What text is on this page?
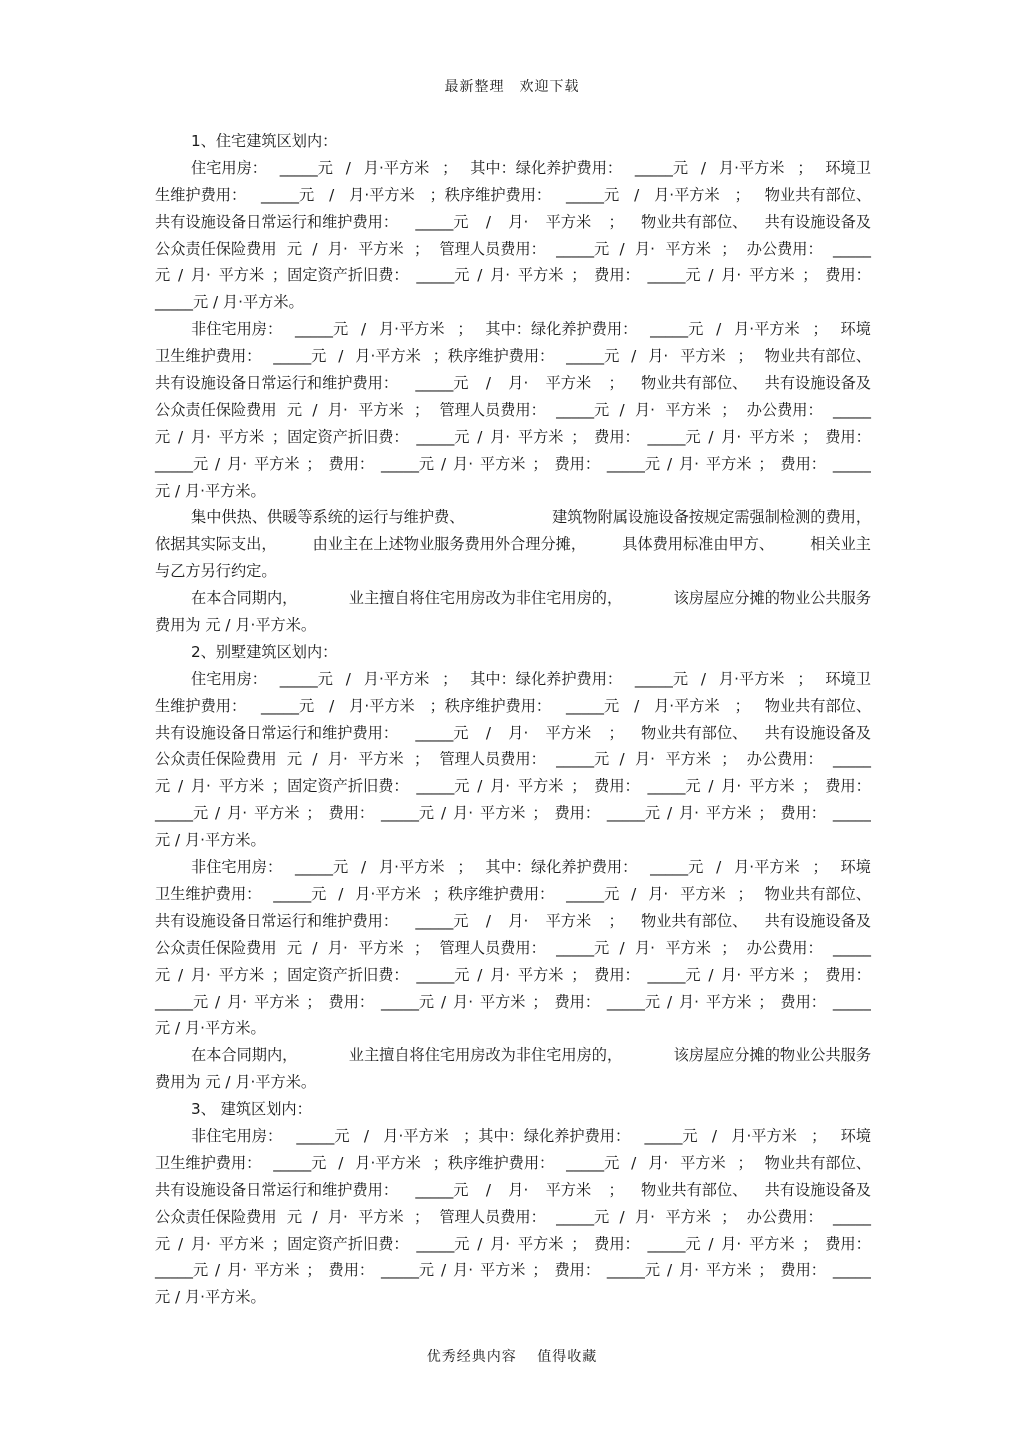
最新整理　欢迎下载
1、住宅建筑区划内：
住宅用房： _____元 / 月·平方米 ； 其中：绿化养护费用： _____元 / 月·平方米 ； 环境卫
生维护费用： _____元 / 月·平方米 ；秩序维护费用： _____元 / 月·平方米 ； 物业共有部位、
共有设施设备日常运行和维护费用： _____元 / 月· 平方米 ； 物业共有部位、 共有设施设备及
公众责任保险费用 元 / 月· 平方米 ； 管理人员费用： _____元 / 月· 平方米 ； 办公费用： _____
元 / 月· 平方米 ；固定资产折旧费： _____元 / 月· 平方米 ； 费用： _____元 / 月· 平方米 ； 费用：
_____元 / 月·平方米。
非住宅用房： _____元 / 月·平方米 ； 其中：绿化养护费用： _____元 / 月·平方米 ； 环境
卫生维护费用： _____元 / 月·平方米 ；秩序维护费用： _____元 / 月· 平方米 ； 物业共有部位、
共有设施设备日常运行和维护费用： _____元 / 月· 平方米 ； 物业共有部位、 共有设施设备及
公众责任保险费用 元 / 月· 平方米 ； 管理人员费用： _____元 / 月· 平方米 ； 办公费用： _____
元 / 月· 平方米 ；固定资产折旧费： _____元 / 月· 平方米 ； 费用： _____元 / 月· 平方米 ； 费用：
_____元 / 月· 平方米 ； 费用： _____元 / 月· 平方米 ； 费用： _____元 / 月· 平方米 ； 费用： _____
元 / 月·平方米。
集中供热、供暖等系统的运行与维护费、	建筑物附属设施设备按规定需强制检测的费用，
依据其实际支出， 由业主在上述物业服务费用外合理分摊， 具体费用标准由甲方、 相关业主
与乙方另行约定。
在本合同期内，	业主擅自将住宅用房改为非住宅用房的，	该房屋应分摊的物业公共服务
费用为 元 / 月·平方米。
2、别墅建筑区划内：
住宅用房： _____元 / 月·平方米 ； 其中：绿化养护费用： _____元 / 月·平方米 ； 环境卫
生维护费用： _____元 / 月·平方米 ；秩序维护费用： _____元 / 月·平方米 ； 物业共有部位、
共有设施设备日常运行和维护费用： _____元 / 月· 平方米 ； 物业共有部位、 共有设施设备及
公众责任保险费用 元 / 月· 平方米 ； 管理人员费用： _____元 / 月· 平方米 ； 办公费用： _____
元 / 月· 平方米 ；固定资产折旧费： _____元 / 月· 平方米 ； 费用： _____元 / 月· 平方米 ； 费用：
_____元 / 月· 平方米 ； 费用： _____元 / 月· 平方米 ； 费用： _____元 / 月· 平方米 ； 费用： _____
元 / 月·平方米。
非住宅用房： _____元 / 月·平方米 ； 其中：绿化养护费用： _____元 / 月·平方米 ； 环境
卫生维护费用： _____元 / 月·平方米 ；秩序维护费用： _____元 / 月· 平方米 ； 物业共有部位、
共有设施设备日常运行和维护费用： _____元 / 月· 平方米 ； 物业共有部位、 共有设施设备及
公众责任保险费用 元 / 月· 平方米 ； 管理人员费用： _____元 / 月· 平方米 ； 办公费用： _____
元 / 月· 平方米 ；固定资产折旧费： _____元 / 月· 平方米 ； 费用： _____元 / 月· 平方米 ； 费用：
_____元 / 月· 平方米 ； 费用： _____元 / 月· 平方米 ； 费用： _____元 / 月· 平方米 ； 费用： _____
元 / 月·平方米。
在本合同期内，	业主擅自将住宅用房改为非住宅用房的，	该房屋应分摊的物业公共服务
费用为 元 / 月·平方米。
3、 建筑区划内：
非住宅用房： _____元 / 月·平方米 ；其中：绿化养护费用： _____元 / 月·平方米 ； 环境
卫生维护费用： _____元 / 月·平方米 ；秩序维护费用： _____元 / 月· 平方米 ； 物业共有部位、
共有设施设备日常运行和维护费用： _____元 / 月· 平方米 ； 物业共有部位、 共有设施设备及
公众责任保险费用 元 / 月· 平方米 ； 管理人员费用： _____元 / 月· 平方米 ； 办公费用： _____
元 / 月· 平方米 ；固定资产折旧费： _____元 / 月· 平方米 ； 费用： _____元 / 月· 平方米 ； 费用：
_____元 / 月· 平方米 ； 费用： _____元 / 月· 平方米 ； 费用： _____元 / 月· 平方米 ； 费用： _____
元 / 月·平方米。
优秀经典内容　 值得收藏
